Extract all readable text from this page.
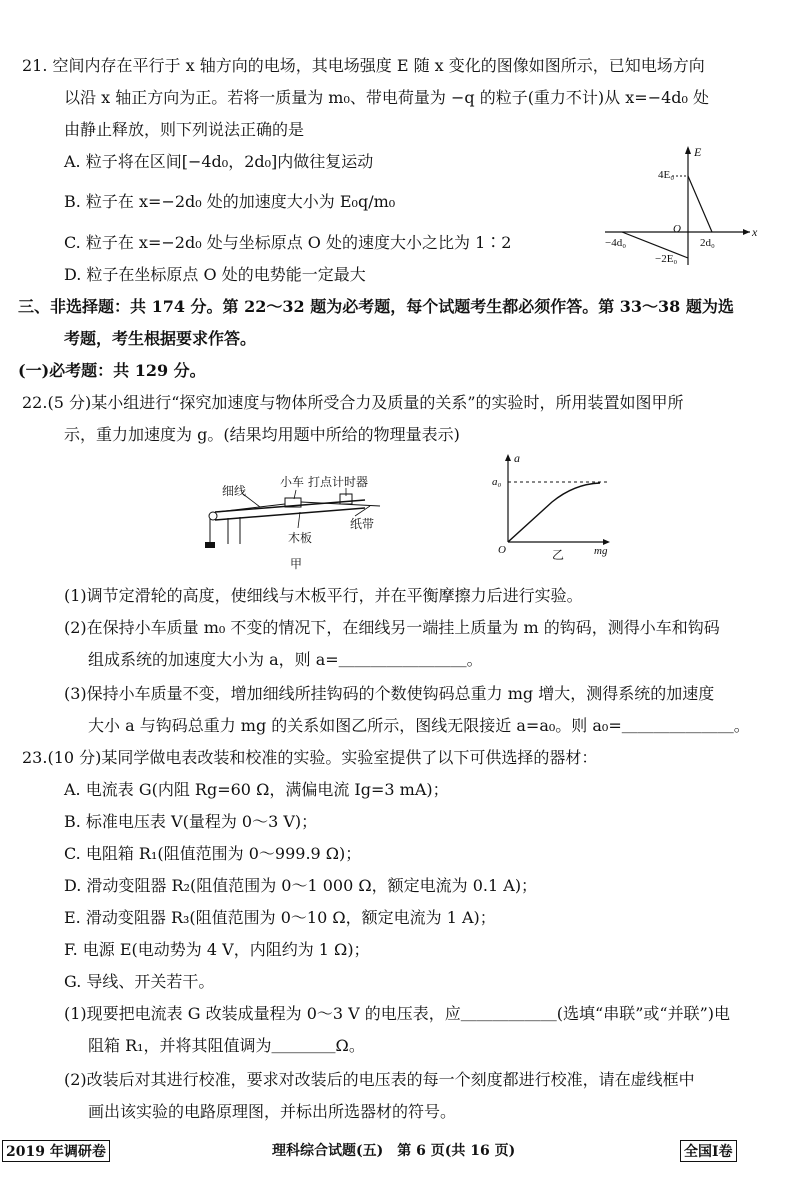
21. 空间内存在平行于 x 轴方向的电场，其电场强度 E 随 x 变化的图像如图所示，已知电场方向
以沿 x 轴正方向为正。若将一质量为 m₀、带电荷量为 −q 的粒子(重力不计)从 x=−4d₀ 处
由静止释放，则下列说法正确的是
A. 粒子将在区间[−4d₀，2d₀]内做往复运动
B. 粒子在 x=−2d₀ 处的加速度大小为 E₀q/m₀
C. 粒子在 x=−2d₀ 处与坐标原点 O 处的速度大小之比为 1∶2
D. 粒子在坐标原点 O 处的电势能一定最大
E
x
O
4E₀
−2E₀
−4d₀	2d₀
三、非选择题：共 174 分。第 22～32 题为必考题，每个试题考生都必须作答。第 33～38 题为选
考题，考生根据要求作答。
(一)必考题：共 129 分。
22.(5 分)某小组进行“探究加速度与物体所受合力及质量的关系”的实验时，所用装置如图甲所
示，重力加速度为 g。(结果均用题中所给的物理量表示)
细线
小车 打点计时器
纸带
木板
甲
a
a₀
O	mg
乙
(1)调节定滑轮的高度，使细线与木板平行，并在平衡摩擦力后进行实验。
(2)在保持小车质量 m₀ 不变的情况下，在细线另一端挂上质量为 m 的钩码，测得小车和钩码
组成系统的加速度大小为 a，则 a=＿＿＿＿＿＿＿＿。
(3)保持小车质量不变，增加细线所挂钩码的个数使钩码总重力 mg 增大，测得系统的加速度
大小 a 与钩码总重力 mg 的关系如图乙所示，图线无限接近 a=a₀。则 a₀=＿＿＿＿＿＿＿。
23.(10 分)某同学做电表改装和校准的实验。实验室提供了以下可供选择的器材：
A. 电流表 G(内阻 Rg=60 Ω，满偏电流 Ig=3 mA)；
B. 标准电压表 V(量程为 0～3 V)；
C. 电阻箱 R₁(阻值范围为 0～999.9 Ω)；
D. 滑动变阻器 R₂(阻值范围为 0～1 000 Ω，额定电流为 0.1 A)；
E. 滑动变阻器 R₃(阻值范围为 0～10 Ω，额定电流为 1 A)；
F. 电源 E(电动势为 4 V，内阻约为 1 Ω)；
G. 导线、开关若干。
(1)现要把电流表 G 改装成量程为 0～3 V 的电压表，应＿＿＿＿＿＿(选填“串联”或“并联”)电
阻箱 R₁，并将其阻值调为＿＿＿＿Ω。
(2)改装后对其进行校准，要求对改装后的电压表的每一个刻度都进行校准，请在虚线框中
画出该实验的电路原理图，并标出所选器材的符号。
2019 年调研卷	理科综合试题(五)　第 6 页(共 16 页)	全国Ⅰ卷
